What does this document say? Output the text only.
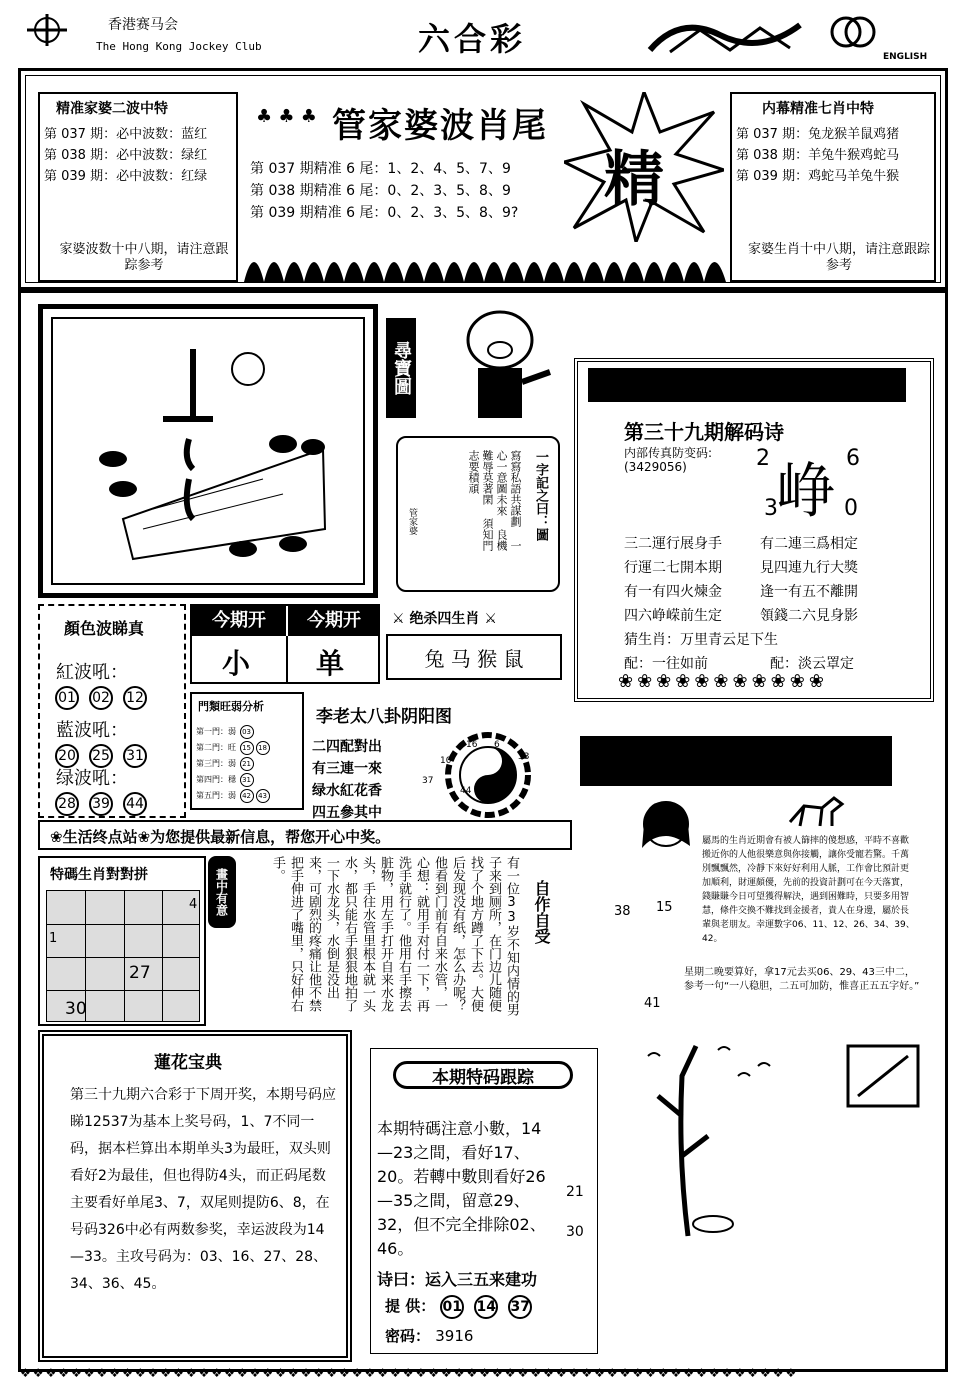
香港赛马会
The Hong Kong Jockey Club	六合彩	ENGLISH
精准家婆二波中特
第 037 期：必中波数：蓝红
第 038 期：必中波数：绿红
第 039 期：必中波数：红绿
家婆波数十中八期，请注意跟踪参考
♣ ♣ ♣ 管家婆波肖尾
第 037 期精准 6 尾：1、2、4、5、7、9
第 038 期精准 6 尾：0、2、3、5、8、9
第 039 期精准 6 尾：0、2、3、5、8、9? 精
内幕精准七肖中特
第 037 期：兔龙猴羊鼠鸡猪
第 038 期：羊兔牛猴鸡蛇马
第 039 期：鸡蛇马羊兔牛猴
家婆生肖十中八期，请注意跟踪参考
尋寶圖
一字記之曰：圖
寫寫私語共謀劃 一心一意圖未來 良機難辱莫著閑 須知門志要積頑
管家婆
第三十九期解码诗
内部传真防变码:
(3429056) 峥
2	6
3	0
三二運行展身手	有二連三爲相定
行運二七開本期	見四連九行大獎
有一有四火煉金	逢一有五不離開
四六峥嵘前生定	領錢二六見身影
猜生肖：万里青云足下生
配：一往如前	配：淡云罩定
❀❀❀❀❀❀❀❀❀❀❀
顏色波睇真
紅波吼：
01 02 12
藍波吼：
20 25 31
绿波吼：
28 39 44
今期开	今期开
小 单
⚔ 绝杀四生肖 ⚔
兔 马 猴 鼠
門類旺弱分析
第一門：弱 03
第二門：旺 15 18
第三門：弱 21
第四門：穩 31
第五門：弱 42 43
李老太八卦阴阳图
二四配對出
有三連一來
绿水紅花香
四五參其中
16 6
33
10
37
44	02
屬馬的生肖近期會有被人篩摔的傻想感，平時不喜歡搬近你的人他很樂意與你接觸，讓你受寵若驚。千萬別飄飄然，冷靜下來好好利用人脈，工作會比預計更加順利，財運頗優，先前的投資計劃可在今天落實，錢賺賺今日可望獲得解決，遇到困難時，只要多用智慧，條件交換不難找到金援者，貴人在身邊，屬於長輩與老朋友。幸運數字06、11、12、26、34、39、42。
38 15
41
星期二晚要算好，拿17元去买06、29、43三中二，参考一句“一八稳胆，二五可加防，惟喜正五五字好。”
❀生活终点站❀为您提供最新信息，帮您开心中奖。
特碼生肖對對拼
4
1
27
30
畫中有意	有一位33岁不知内情的男子来到厕所，在门边儿随便找了个地方蹲了下去。大便后发现没有纸，怎么办呢？他看到门前有自来水管，一心想：就用手对付一下，再洗手就行了。他用右手擦去脏物，用左手打开自来水龙头，手往水管里根本就一头水，都只能右手狠狠地拍了一下水龙头，水倒是没出来，可剧烈的疼痛让他不禁把手伸进了嘴里，只好伸右手。
自作自受
蓮花宝典
第三十九期六合彩于下周开奖，本期号码应睇12537为基本上奖号码，1、7不同一码，据本栏算出本期单头3为最旺，双头则看好2为最佳，但也得防4头，而正码尾数主要看好单尾3、7，双尾则提防6、8，在号码326中必有两数参奖，幸运波段为14—33。主攻号码为：03、16、27、28、34、36、45。
本期特码跟踪
本期特碼注意小數，14—23之間，看好17、20。若轉中數則看好26—35之間，留意29、32，但不完全排除02、46。
诗曰：运入三五来建功
提 供： 01 14 37
密码： 3916
21
30
❖❖❖❖❖❖❖❖❖❖❖❖❖❖❖❖❖❖❖❖❖❖❖❖❖❖❖❖❖❖❖❖❖❖❖❖❖❖❖❖❖❖❖❖❖❖❖❖❖❖❖❖❖❖❖❖❖❖❖❖❖
